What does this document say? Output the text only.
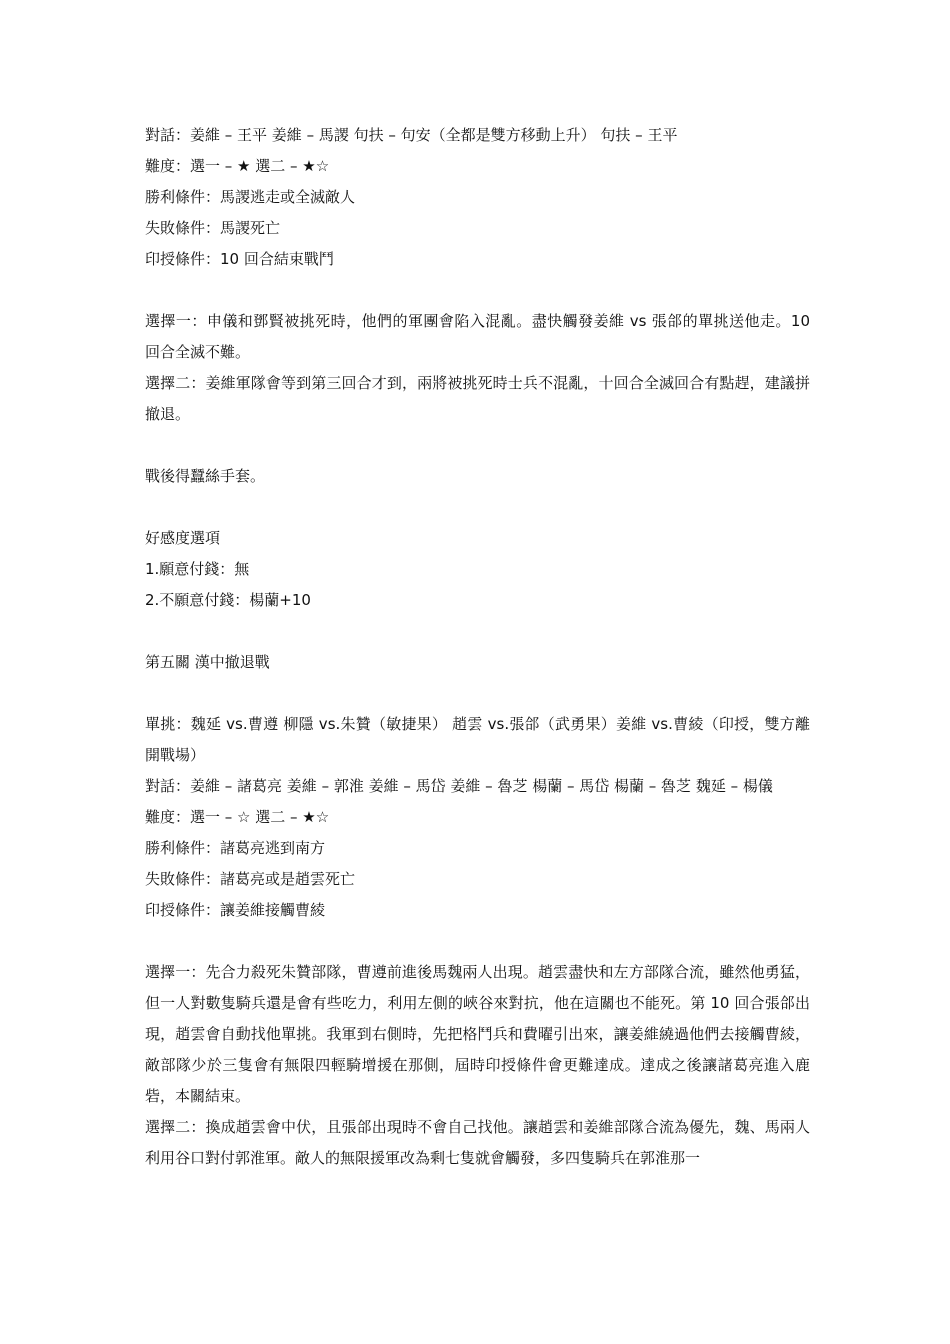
對話：姜維 – 王平 姜維 – 馬謖 句扶 – 句安（全都是雙方移動上升） 句扶 – 王平
難度：選一 – ★ 選二 – ★☆
勝利條件：馬謖逃走或全滅敵人
失敗條件：馬謖死亡
印授條件：10 回合結束戰鬥
選擇一：申儀和鄧賢被挑死時，他們的軍團會陷入混亂。盡快觸發姜維 vs 張郃的單挑送他走。10 回合全滅不難。
選擇二：姜維軍隊會等到第三回合才到，兩將被挑死時士兵不混亂，十回合全滅回合有點趕，建議拼撤退。
戰後得蠶絲手套。
好感度選項
1.願意付錢：無
2.不願意付錢：楊蘭+10
第五關 漢中撤退戰
單挑：魏延 vs.曹遵 柳隱 vs.朱贊（敏捷果） 趙雲 vs.張郃（武勇果）姜維 vs.曹綾（印授，雙方離開戰場）
對話：姜維 – 諸葛亮 姜維 – 郭淮 姜維 – 馬岱 姜維 – 魯芝 楊蘭 – 馬岱 楊蘭 – 魯芝 魏延 – 楊儀
難度：選一 – ☆ 選二 – ★☆
勝利條件：諸葛亮逃到南方
失敗條件：諸葛亮或是趙雲死亡
印授條件：讓姜維接觸曹綾
選擇一：先合力殺死朱贊部隊，曹遵前進後馬魏兩人出現。趙雲盡快和左方部隊合流，雖然他勇猛，但一人對數隻騎兵還是會有些吃力，利用左側的峽谷來對抗，他在這關也不能死。第 10 回合張郃出現，趙雲會自動找他單挑。我軍到右側時，先把格鬥兵和費曜引出來，讓姜維繞過他們去接觸曹綾，敵部隊少於三隻會有無限四輕騎增援在那側，屆時印授條件會更難達成。達成之後讓諸葛亮進入鹿砦，本關結束。
選擇二：換成趙雲會中伏，且張郃出現時不會自己找他。讓趙雲和姜維部隊合流為優先，魏、馬兩人利用谷口對付郭淮軍。敵人的無限援軍改為剩七隻就會觸發，多四隻騎兵在郭淮那一
